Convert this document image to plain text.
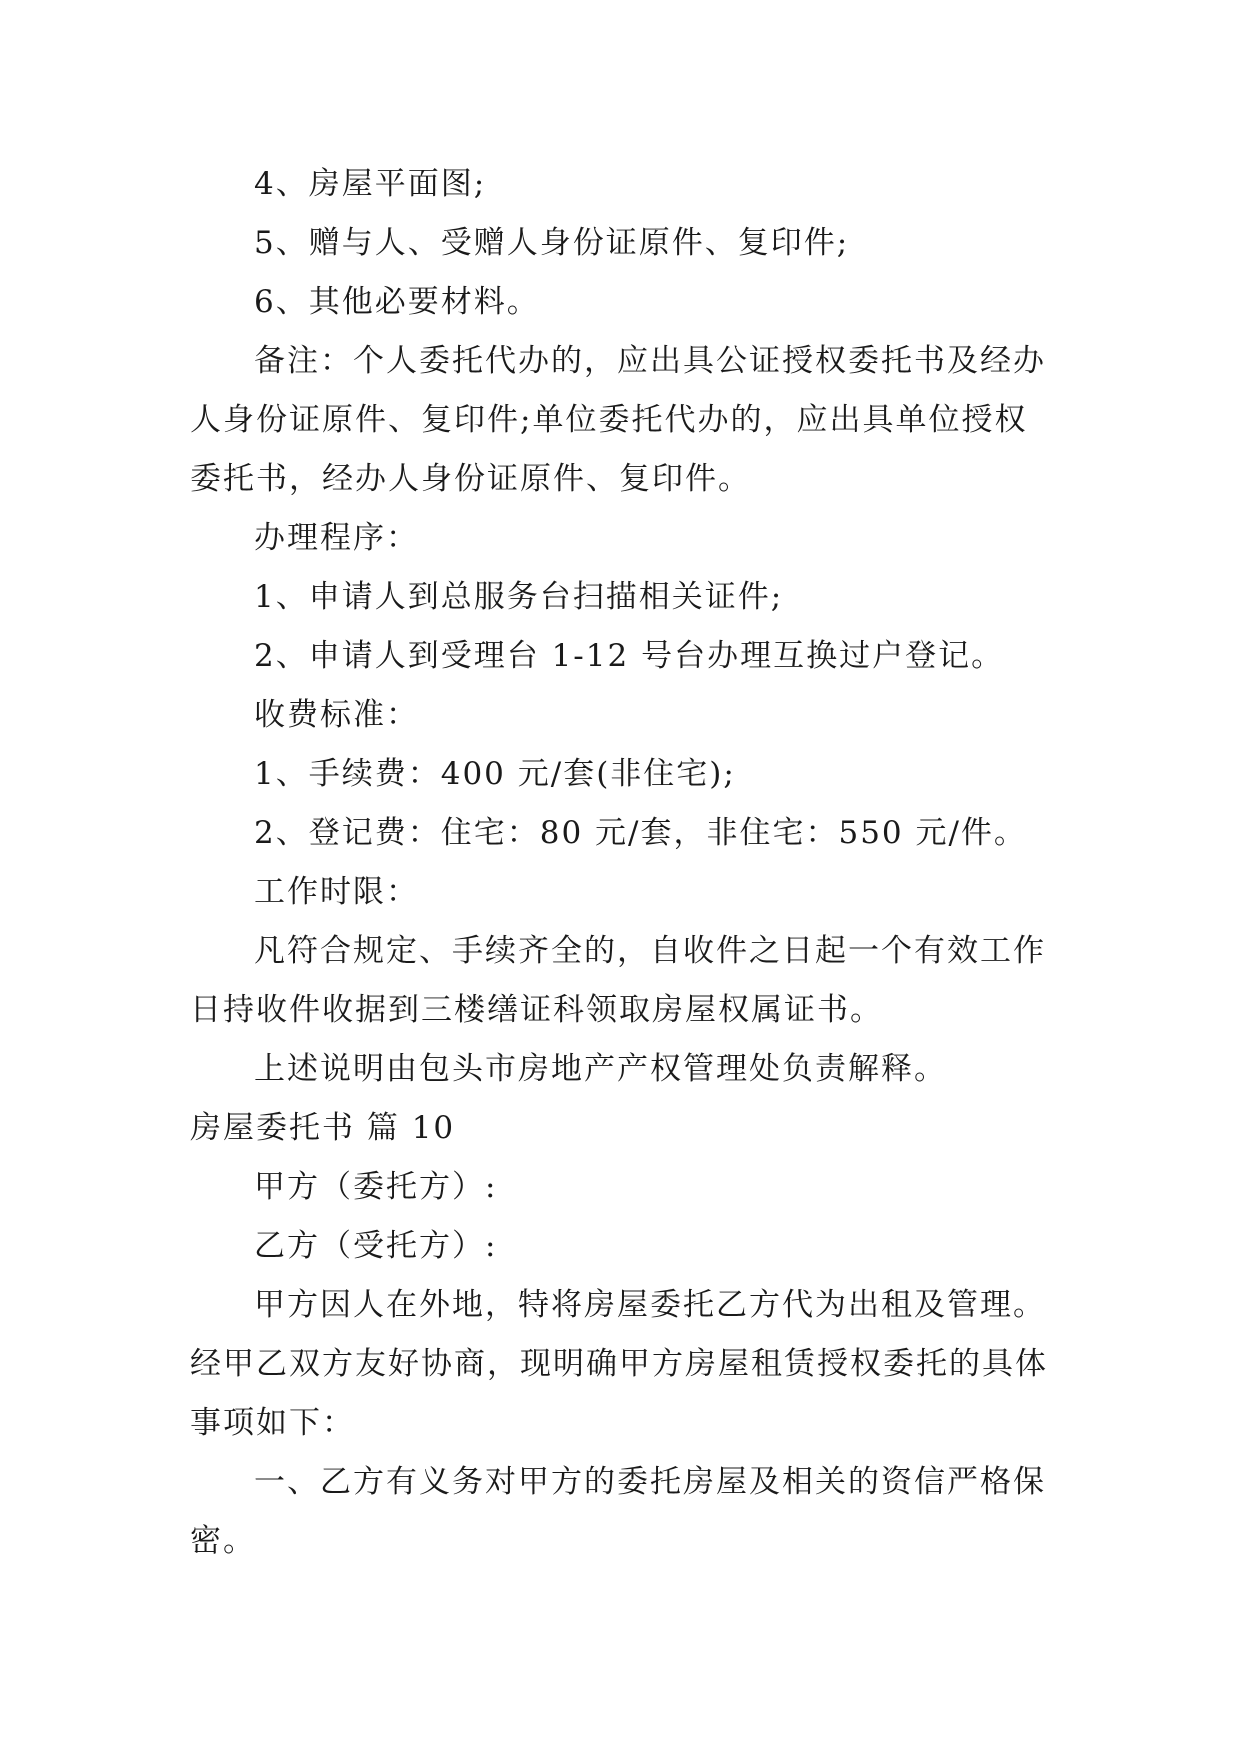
4、房屋平面图;
5、赠与人、受赠人身份证原件、复印件;
6、其他必要材料。
备注：个人委托代办的，应出具公证授权委托书及经办
人身份证原件、复印件;单位委托代办的，应出具单位授权
委托书，经办人身份证原件、复印件。
办理程序：
1、申请人到总服务台扫描相关证件;
2、申请人到受理台 1-12 号台办理互换过户登记。
收费标准：
1、手续费：400 元/套(非住宅);
2、登记费：住宅：80 元/套，非住宅：550 元/件。
工作时限：
凡符合规定、手续齐全的，自收件之日起一个有效工作
日持收件收据到三楼缮证科领取房屋权属证书。
上述说明由包头市房地产产权管理处负责解释。
房屋委托书 篇 10
甲方（委托方）:
乙方（受托方）:
甲方因人在外地，特将房屋委托乙方代为出租及管理。
经甲乙双方友好协商，现明确甲方房屋租赁授权委托的具体
事项如下：
一、乙方有义务对甲方的委托房屋及相关的资信严格保
密。
